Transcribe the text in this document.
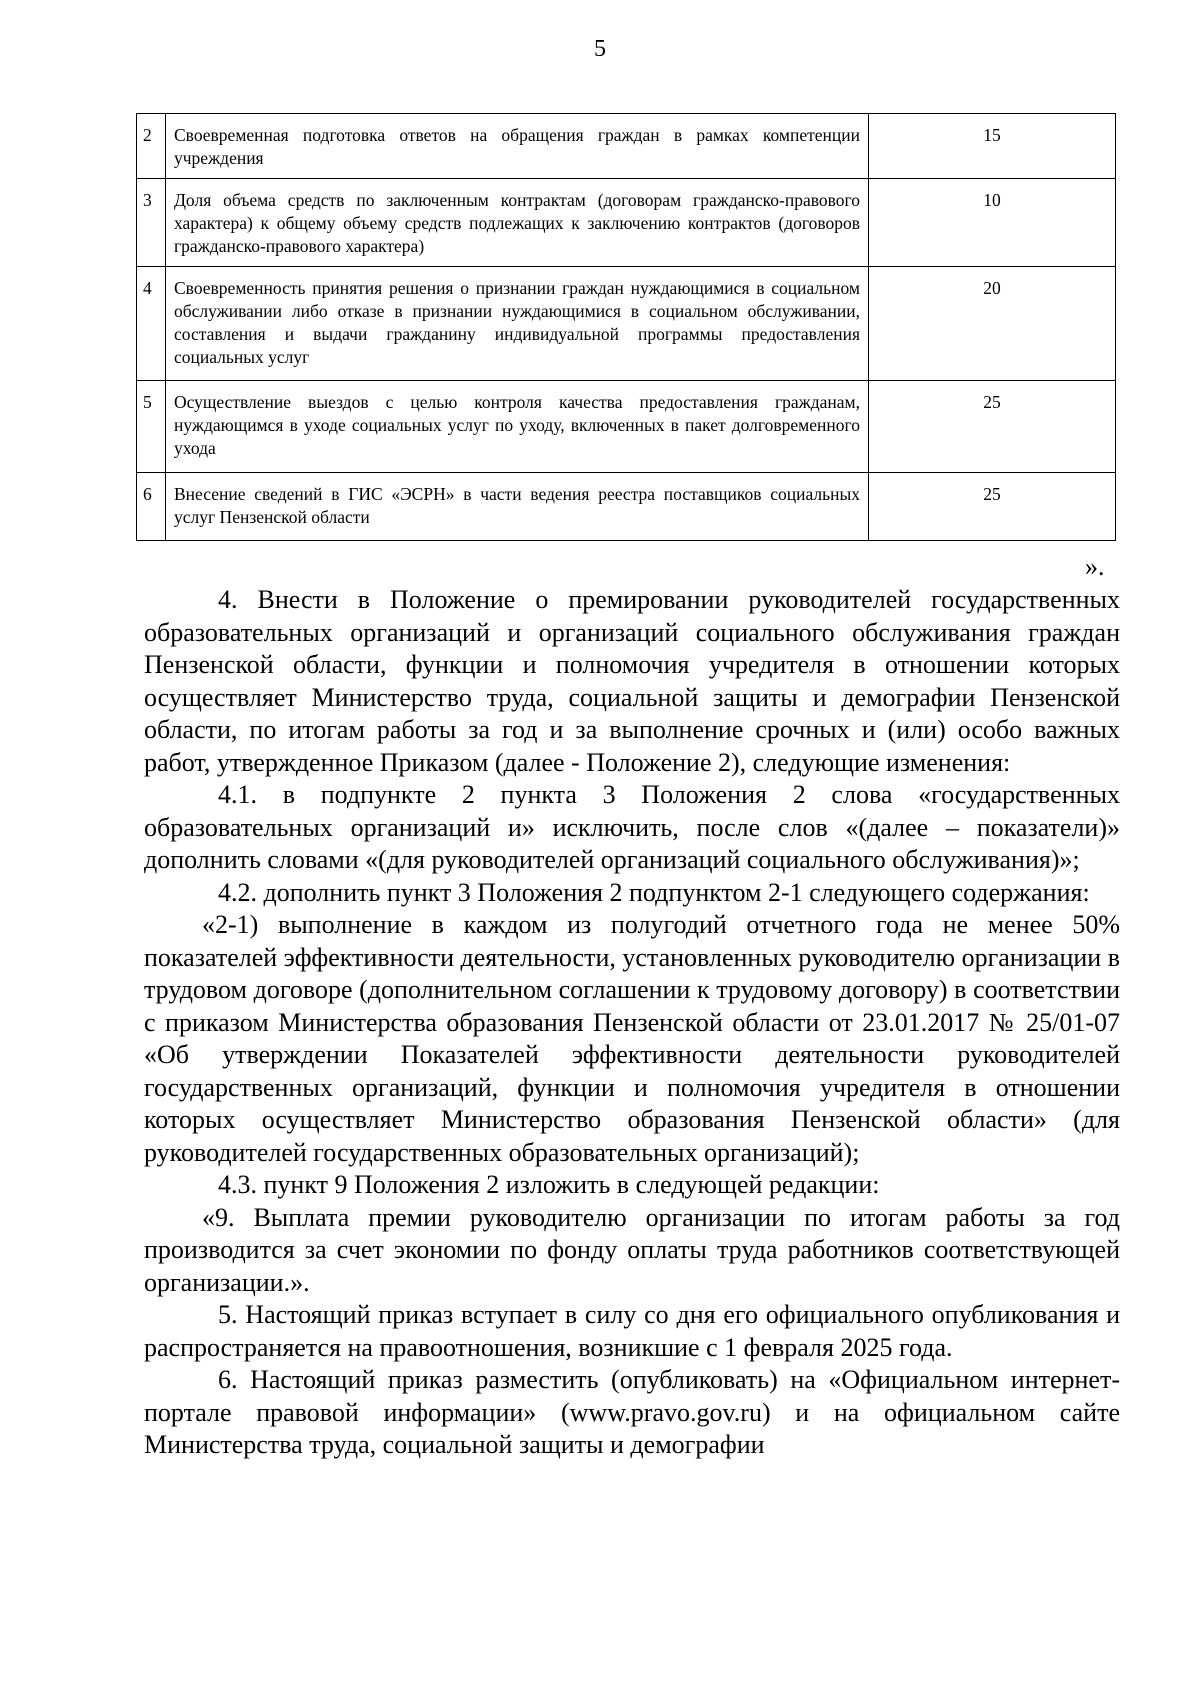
5
2	Своевременная подготовка ответов на обращения граждан в рамках компетенции учреждения	15
3	Доля объема средств по заключенным контрактам (договорам гражданско-правового характера) к общему объему средств подлежащих к заключению контрактов (договоров гражданско-правового характера)	10
4	Своевременность принятия решения о признании граждан нуждающимися в социальном обслуживании либо отказе в признании нуждающимися в социальном обслуживании, составления и выдачи гражданину индивидуальной программы предоставления социальных услуг	20
5	Осуществление выездов с целью контроля качества предоставления гражданам, нуждающимся в уходе социальных услуг по уходу, включенных в пакет долговременного ухода	25
6	Внесение сведений в ГИС «ЭСРН» в части ведения реестра поставщиков социальных услуг Пензенской области	25
».

4. Внести в Положение о премировании руководителей государственных образовательных организаций и организаций социального обслуживания граждан Пензенской области, функции и полномочия учредителя в отношении которых осуществляет Министерство труда, социальной защиты и демографии Пензенской области, по итогам работы за год и за выполнение срочных и (или) особо важных работ, утвержденное Приказом (далее - Положение 2), следующие изменения:

4.1. в подпункте 2 пункта 3 Положения 2 слова «государственных образовательных организаций и» исключить, после слов «(далее – показатели)» дополнить словами «(для руководителей организаций социального обслуживания)»;

4.2. дополнить пункт 3 Положения 2 подпунктом 2-1 следующего содержания:

«2-1) выполнение в каждом из полугодий отчетного года не менее 50% показателей эффективности деятельности, установленных руководителю организации в трудовом договоре (дополнительном соглашении к трудовому договору) в соответствии с приказом Министерства образования Пензенской области от 23.01.2017 № 25/01-07 «Об утверждении Показателей эффективности деятельности руководителей государственных организаций, функции и полномочия учредителя в отношении которых осуществляет Министерство образования Пензенской области» (для руководителей государственных образовательных организаций);

4.3. пункт 9 Положения 2 изложить в следующей редакции:

«9. Выплата премии руководителю организации по итогам работы за год производится за счет экономии по фонду оплаты труда работников соответствующей организации.».

5. Настоящий приказ вступает в силу со дня его официального опубликования и распространяется на правоотношения, возникшие с 1 февраля 2025 года.

6. Настоящий приказ разместить (опубликовать) на «Официальном интернет-портале правовой информации» (www.pravo.gov.ru) и на официальном сайте Министерства труда, социальной защиты и демографии
